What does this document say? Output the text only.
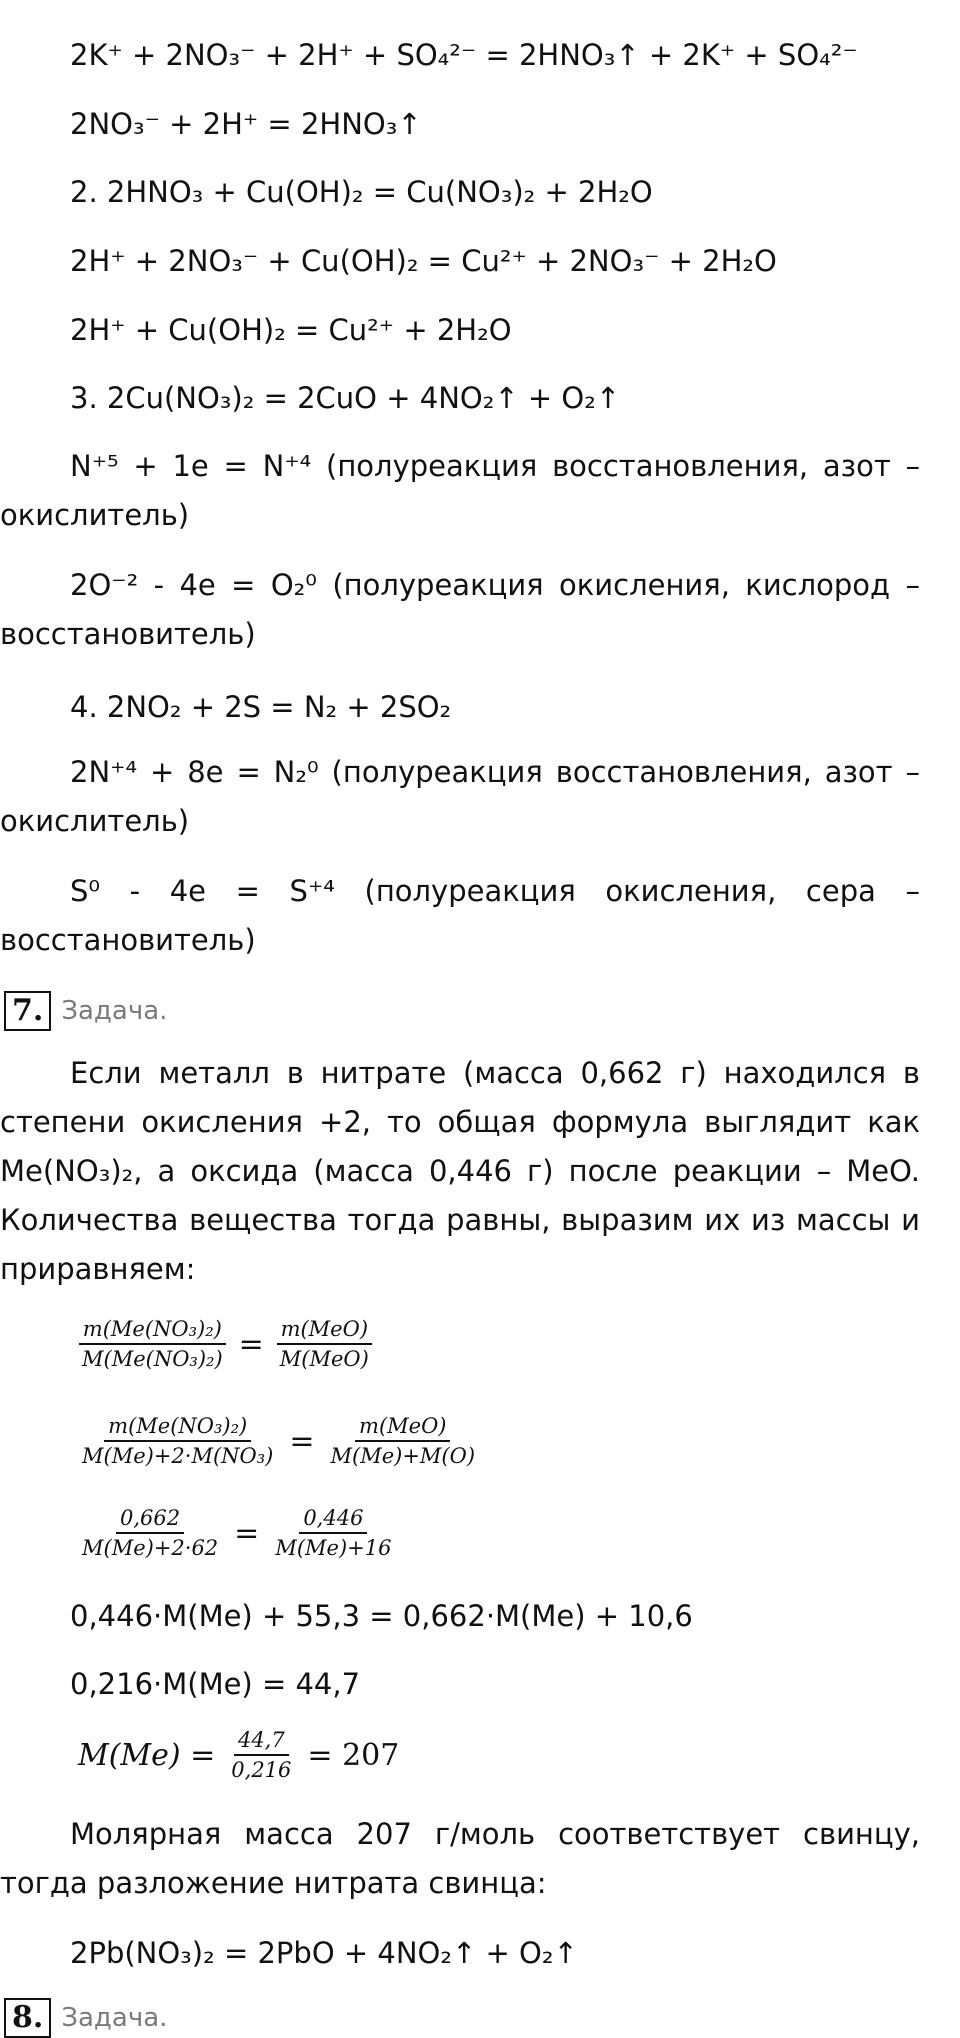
2K⁺ + 2NO₃⁻ + 2H⁺ + SO₄²⁻ = 2HNO₃↑ + 2K⁺ + SO₄²⁻
2NO₃⁻ + 2H⁺ = 2HNO₃↑
2. 2HNO₃ + Cu(OH)₂ = Cu(NO₃)₂ + 2H₂O
2H⁺ + 2NO₃⁻ + Cu(OH)₂ = Cu²⁺ + 2NO₃⁻ + 2H₂O
2H⁺ + Cu(OH)₂ = Cu²⁺ + 2H₂O
3. 2Cu(NO₃)₂ = 2CuO + 4NO₂↑ + O₂↑
N⁺⁵ + 1e = N⁺⁴ (полуреакция восстановления, азот – окислитель)
2O⁻² - 4e = O₂⁰ (полуреакция окисления, кислород – восстановитель)
4. 2NO₂ + 2S = N₂ + 2SO₂
2N⁺⁴ + 8e = N₂⁰ (полуреакция восстановления, азот – окислитель)
S⁰ - 4e = S⁺⁴ (полуреакция окисления, сера – восстановитель)
7. Задача.
Если металл в нитрате (масса 0,662 г) находился в степени окисления +2, то общая формула выглядит как Me(NO₃)₂, а оксида (масса 0,446 г) после реакции – MeO. Количества вещества тогда равны, выразим их из массы и приравняем:
$\frac{\text{m(Me(NO₃)₂)}}{\text{M(Me(NO₃)₂)}} = \frac{\text{m(MeO)}}{\text{M(MeO)}}$
$\frac{\text{m(Me(NO₃)₂)}}{\text{M(Me)+2·M(NO₃)}} = \frac{\text{m(MeO)}}{M(Me)+M(O)}$
$\frac{0,662}{M(Me)+2\cdot 62} = \frac{0,446}{M(Me)+16}$
0,446·M(Me) + 55,3 = 0,662·M(Me) + 10,6
0,216·M(Me) = 44,7
$M(Me) = \frac{44,7}{0,216} = 207$
Молярная масса 207 г/моль соответствует свинцу, тогда разложение нитрата свинца:
2Pb(NO₃)₂ = 2PbO + 4NO₂↑ + O₂↑
8. Задача.
